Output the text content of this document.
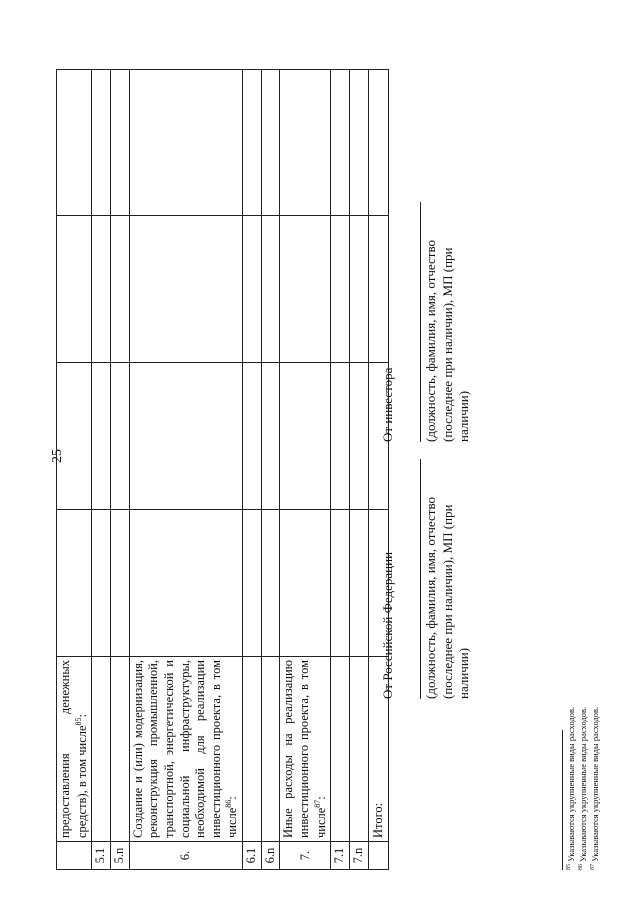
25
	предоставления денежных средств), в том числе$^{85}$:				
5.1					
5.n					
6.	Создание и (или) модернизация, реконструкция промышленной, транспортной, энергетической и социальной инфраструктуры, необходимой для реализации инвестиционного проекта, в том числе$^{86}$:				
6.1					
6.n					
7.	Иные расходы на реализацию инвестиционного проекта, в том числе$^{87}$:				
7.1					
7.n					
	Итого:				
От Российской Федерации (должность, фамилия, имя, отчество (последнее при наличии), МП (при наличии)
От инвестора (должность, фамилия, имя, отчество (последнее при наличии), МП (при наличии)
$^{85}$ Указываются укрупненные виды расходов.
$^{86}$ Указываются укрупненные виды расходов.
$^{87}$ Указываются укрупненные виды расходов.
